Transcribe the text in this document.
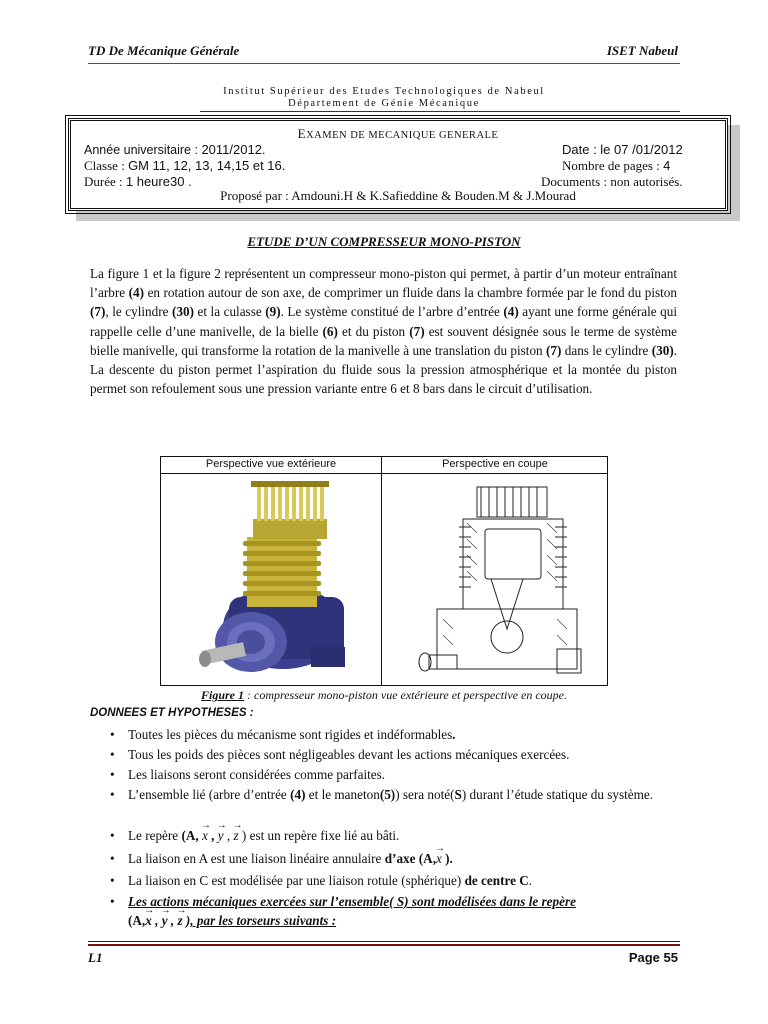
TD De Mécanique Générale	ISET Nabeul
Institut Supérieur des Etudes Technologiques de Nabeul
Département de Génie Mécanique
EXAMEN DE MECANIQUE GENERALE
Année universitaire : 2011/2012.	Date : le 07 /01/2012
Classe : GM 11, 12, 13, 14,15 et 16.	Nombre de pages : 4
Durée : 1 heure30 .	Documents : non autorisés.
Proposé par : Amdouni.H & K.Safieddine & Bouden.M & J.Mourad
ETUDE D’UN COMPRESSEUR MONO-PISTON
La figure 1 et la figure 2 représentent un compresseur mono-piston qui permet, à partir d’un moteur entraînant l’arbre (4) en rotation autour de son axe, de comprimer un fluide dans la chambre formée par le fond du piston (7), le cylindre (30) et la culasse (9). Le système constitué de l’arbre d’entrée (4) ayant une forme générale qui rappelle celle d’une manivelle, de la bielle (6) et du piston (7) est souvent désignée sous le terme de système bielle manivelle, qui transforme la rotation de la manivelle à une translation du piston (7) dans le cylindre (30). La descente du piston permet l’aspiration du fluide sous la pression atmosphérique et la montée du piston permet son refoulement sous une pression variante entre 6 et 8 bars dans le circuit d’utilisation.
Perspective vue extérieure	Perspective en coupe
Figure 1 : compresseur mono-piston vue extérieure et perspective en coupe.
DONNEES ET HYPOTHESES :
• Toutes les pièces du mécanisme sont rigides et indéformables.
• Tous les poids des pièces sont négligeables devant les actions mécaniques exercées.
• Les liaisons seront considérées comme parfaites.
• L’ensemble lié (arbre d’entrée (4) et le maneton(5)) sera noté(S) durant l’étude statique du système.
• Le repère (A, → x , → y , → z ) est un repère fixe lié au bâti.
• La liaison en A est une liaison linéaire annulaire d’axe (A,→ x ).
• La liaison en C est modélisée par une liaison rotule (sphérique) de centre C.
• Les actions mécaniques exercées sur l’ensemble( S) sont modélisées dans le repère
(A,→ x , → y , → z ), par les torseurs suivants :
L1	Page 55
